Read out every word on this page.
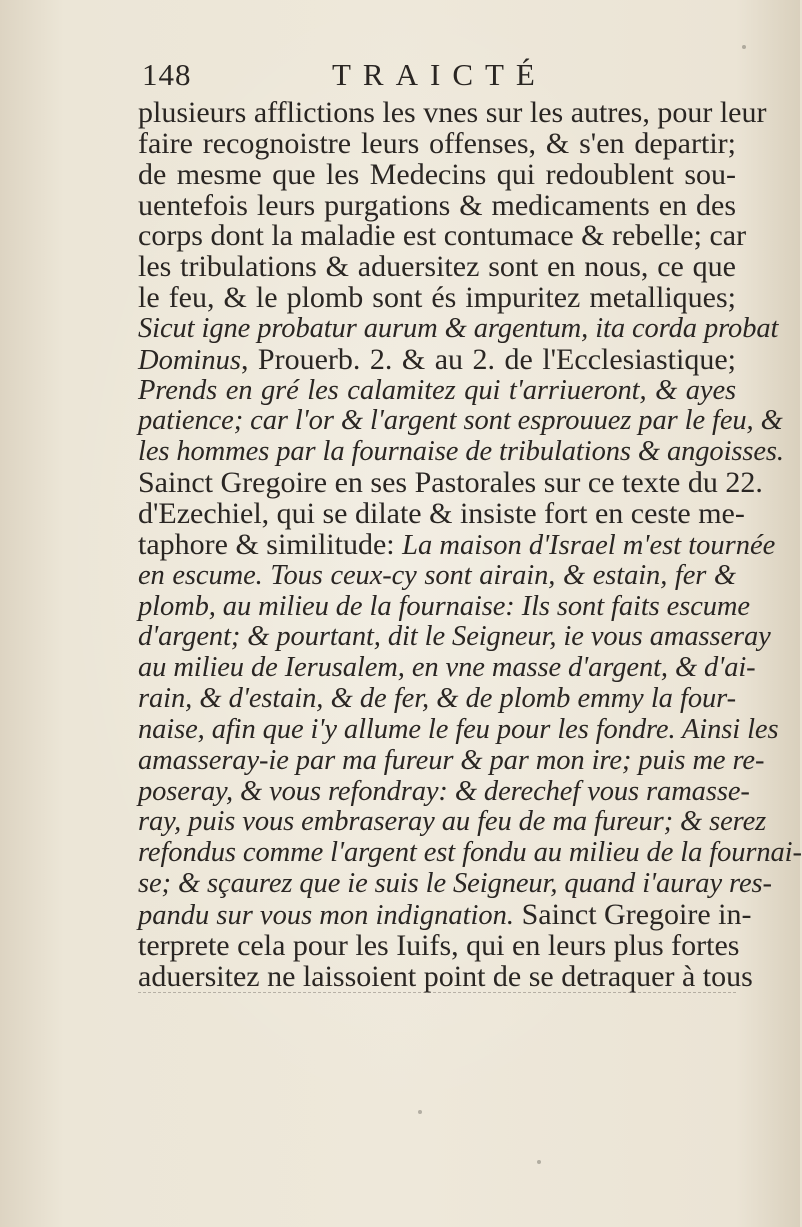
148	TRAICTÉ
plusieurs afflictions les vnes sur les autres, pour leur
faire recognoistre leurs offenses, & s'en departir;
de mesme que les Medecins qui redoublent sou-
uentefois leurs purgations & medicaments en des
corps dont la maladie est contumace & rebelle; car
les tribulations & aduersitez sont en nous, ce que
le feu, & le plomb sont és impuritez metalliques;
Sicut igne probatur aurum & argentum, ita corda probat
Dominus, Prouerb. 2. & au 2. de l'Ecclesiastique;
Prends en gré les calamitez qui t'arriueront, & ayes
patience; car l'or & l'argent sont esprouuez par le feu, &
les hommes par la fournaise de tribulations & angoisses.
Sainct Gregoire en ses Pastorales sur ce texte du 22.
d'Ezechiel, qui se dilate & insiste fort en ceste me-
taphore & similitude: La maison d'Israel m'est tournée
en escume. Tous ceux-cy sont airain, & estain, fer &
plomb, au milieu de la fournaise: Ils sont faits escume
d'argent; & pourtant, dit le Seigneur, ie vous amasseray
au milieu de Ierusalem, en vne masse d'argent, & d'ai-
rain, & d'estain, & de fer, & de plomb emmy la four-
naise, afin que i'y allume le feu pour les fondre. Ainsi les
amasseray-ie par ma fureur & par mon ire; puis me re-
poseray, & vous refondray: & derechef vous ramasse-
ray, puis vous embraseray au feu de ma fureur; & serez
refondus comme l'argent est fondu au milieu de la fournai-
se; & sçaurez que ie suis le Seigneur, quand i'auray res-
pandu sur vous mon indignation. Sainct Gregoire in-
terprete cela pour les Iuifs, qui en leurs plus fortes
aduersitez ne laissoient point de se detraquer à tous
